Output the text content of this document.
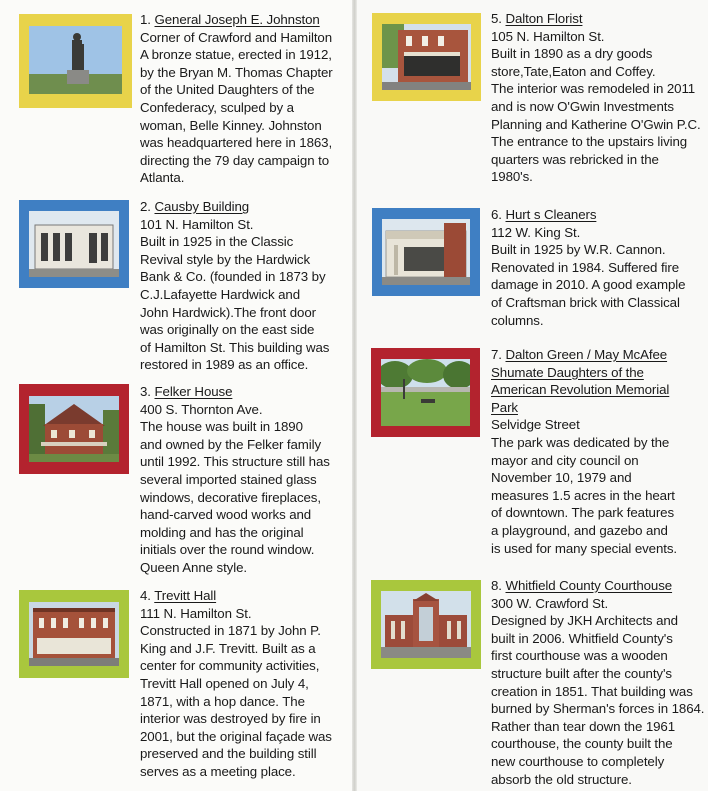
1. General Joseph E. Johnston
Corner of Crawford and Hamilton
A bronze statue, erected in 1912,
by the Bryan M. Thomas Chapter
of the United Daughters of the
Confederacy, sculped by a
woman, Belle Kinney. Johnston
was headquartered here in 1863,
directing the 79 day campaign to
Atlanta.
2. Causby Building
101 N. Hamilton St.
Built in 1925 in the Classic
Revival style by the Hardwick
Bank & Co. (founded in 1873 by
C.J.Lafayette Hardwick and
John Hardwick).The front door
was originally on the east side
of Hamilton St. This building was
restored in 1989 as an office.
3. Felker House
400 S. Thornton Ave.
The house was built in 1890
and owned by the Felker family
until 1992. This structure still has
several imported stained glass
windows, decorative fireplaces,
hand-carved wood works and
molding and has the original
initials over the round window.
Queen Anne style.
4. Trevitt Hall
111 N. Hamilton St.
Constructed in 1871 by John P.
King and J.F. Trevitt. Built as a
center for community activities,
Trevitt Hall opened on July 4,
1871, with a hop dance. The
interior was destroyed by fire in
2001, but the original façade was
preserved and the building still
serves as a meeting place.
5. Dalton Florist
105 N. Hamilton St.
Built in 1890 as a dry goods
store,Tate,Eaton and Coffey.
The interior was remodeled in 2011
and is now O'Gwin Investments
Planning and Katherine O'Gwin P.C.
The entrance to the upstairs living
quarters was rebricked in the
1980's.
6. Hurt s Cleaners
112 W. King St.
Built in 1925 by W.R. Cannon.
Renovated in 1984. Suffered fire
damage in 2010. A good example
of Craftsman brick with Classical
columns.
7. Dalton Green / May McAfee
Shumate Daughters of the
American Revolution Memorial
Park
Selvidge Street
The park was dedicated by the
mayor and city council on
November 10, 1979 and
measures 1.5 acres in the heart
of downtown. The park features
a playground, and gazebo and
is used for many special events.
8. Whitfield County Courthouse
300 W. Crawford St.
Designed by JKH Architects and
built in 2006. Whitfield County's
first courthouse was a wooden
structure built after the county's
creation in 1851. That building was
burned by Sherman's forces in 1864.
Rather than tear down the 1961
courthouse, the county built the
new courthouse to completely
absorb the old structure.
